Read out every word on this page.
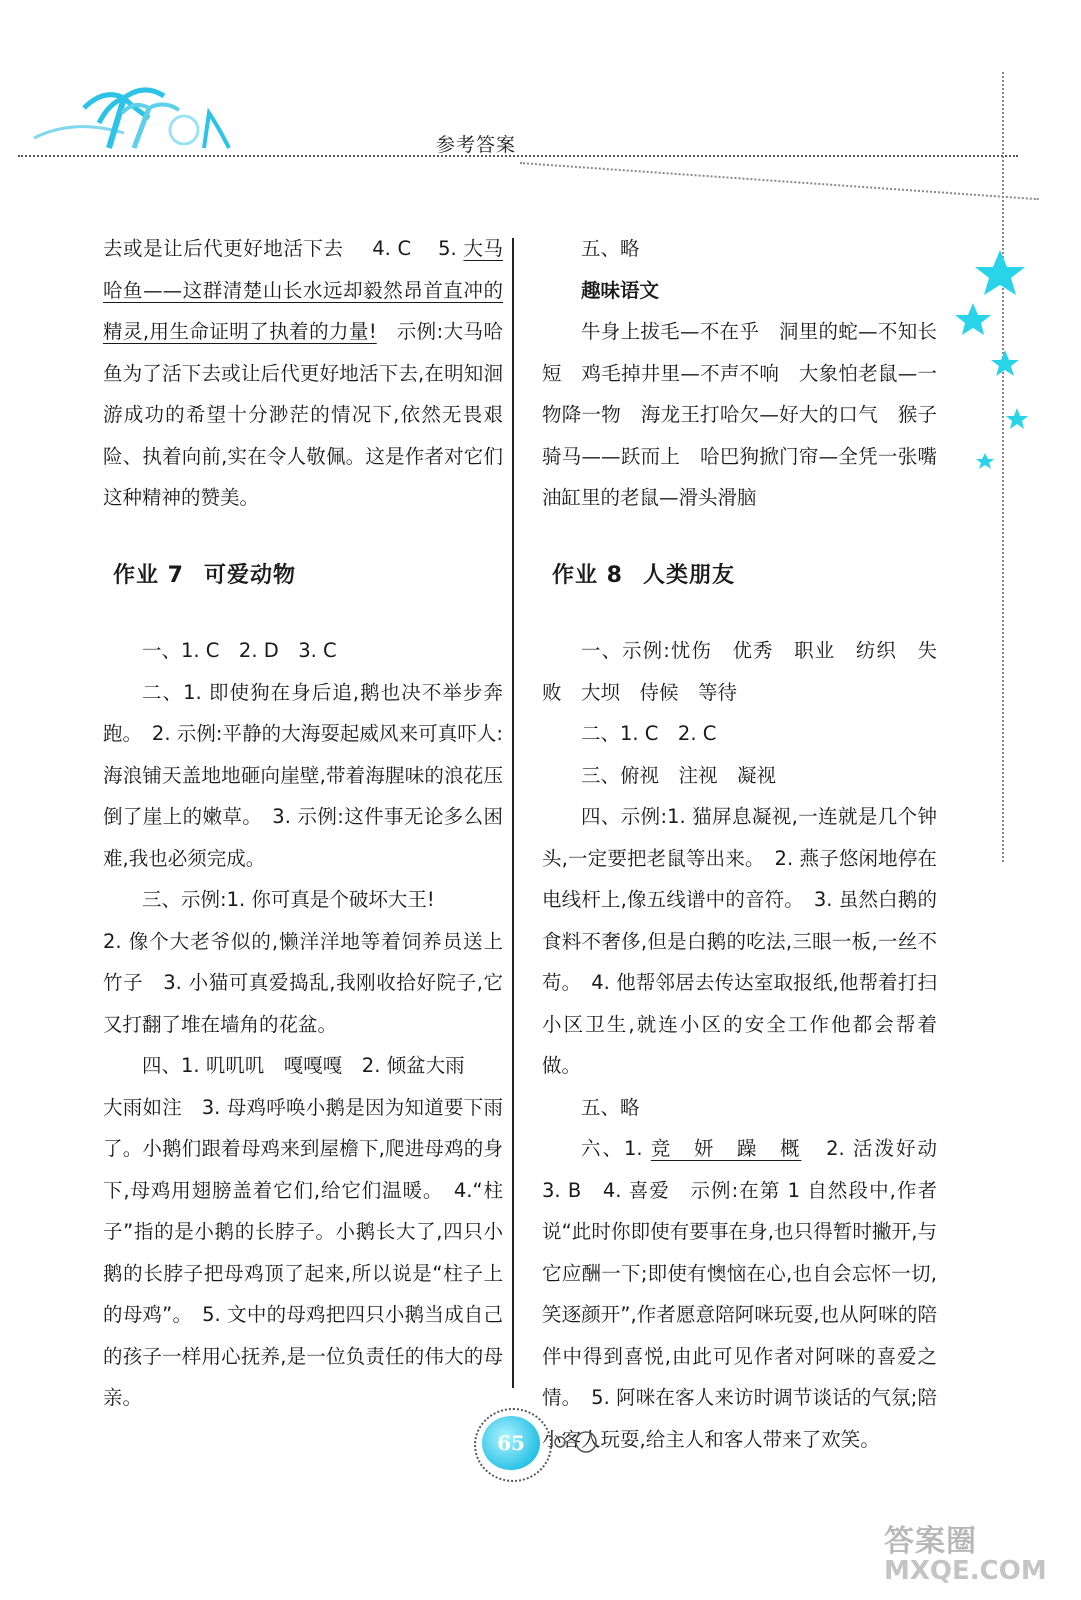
参考答案

去或是让后代更好地活下去 4. C 5. 大马哈鱼——这群清楚山长水远却毅然昂首直冲的精灵,用生命证明了执着的力量! 示例:大马哈鱼为了活下去或让后代更好地活下去,在明知洄游成功的希望十分渺茫的情况下,依然无畏艰险、执着向前,实在令人敬佩。这是作者对它们这种精神的赞美。

作业 7 可爱动物

一、1. C　2. D　3. C

二、1. 即使狗在身后追,鹅也决不举步奔跑。　2. 示例:平静的大海耍起威风来可真吓人:海浪铺天盖地地砸向崖壁,带着海腥味的浪花压倒了崖上的嫩草。　3. 示例:这件事无论多么困难,我也必须完成。

三、示例:1. 你可真是个破坏大王!

2. 像个大老爷似的,懒洋洋地等着饲养员送上竹子　3. 小猫可真爱捣乱,我刚收拾好院子,它又打翻了堆在墙角的花盆。

四、1. 叽叽叽　嘎嘎嘎　2. 倾盆大雨

大雨如注　3. 母鸡呼唤小鹅是因为知道要下雨了。小鹅们跟着母鸡来到屋檐下,爬进母鸡的身下,母鸡用翅膀盖着它们,给它们温暖。　4.“柱子”指的是小鹅的长脖子。小鹅长大了,四只小鹅的长脖子把母鸡顶了起来,所以说是“柱子上的母鸡”。　5. 文中的母鸡把四只小鹅当成自己的孩子一样用心抚养,是一位负责任的伟大的母亲。

五、略

趣味语文

牛身上拔毛—不在乎　洞里的蛇—不知长短　鸡毛掉井里—不声不响　大象怕老鼠—一物降一物　海龙王打哈欠—好大的口气　猴子骑马——跃而上　哈巴狗掀门帘—全凭一张嘴　油缸里的老鼠—滑头滑脑

作业 8 人类朋友

一、示例:忧伤　优秀　职业　纺织　失败　大坝　侍候　等待

二、1. C　2. C

三、俯视　注视　凝视

四、示例:1. 猫屏息凝视,一连就是几个钟头,一定要把老鼠等出来。　2. 燕子悠闲地停在电线杆上,像五线谱中的音符。　3. 虽然白鹅的食料不奢侈,但是白鹅的吃法,三眼一板,一丝不苟。　4. 他帮邻居去传达室取报纸,他帮着打扫小区卫生,就连小区的安全工作他都会帮着做。

五、略

六、1. 竞　妍　躁　概 2. 活泼好动　3. B　4. 喜爱　示例:在第 1 自然段中,作者说“此时你即使有要事在身,也只得暂时撇开,与它应酬一下;即使有懊恼在心,也自会忘怀一切,笑逐颜开”,作者愿意陪阿咪玩耍,也从阿咪的陪伴中得到喜悦,由此可见作者对阿咪的喜爱之情。　5. 阿咪在客人来访时调节谈话的气氛;陪小客人玩耍,给主人和客人带来了欢笑。

65
答案圈
MXQE.COM
